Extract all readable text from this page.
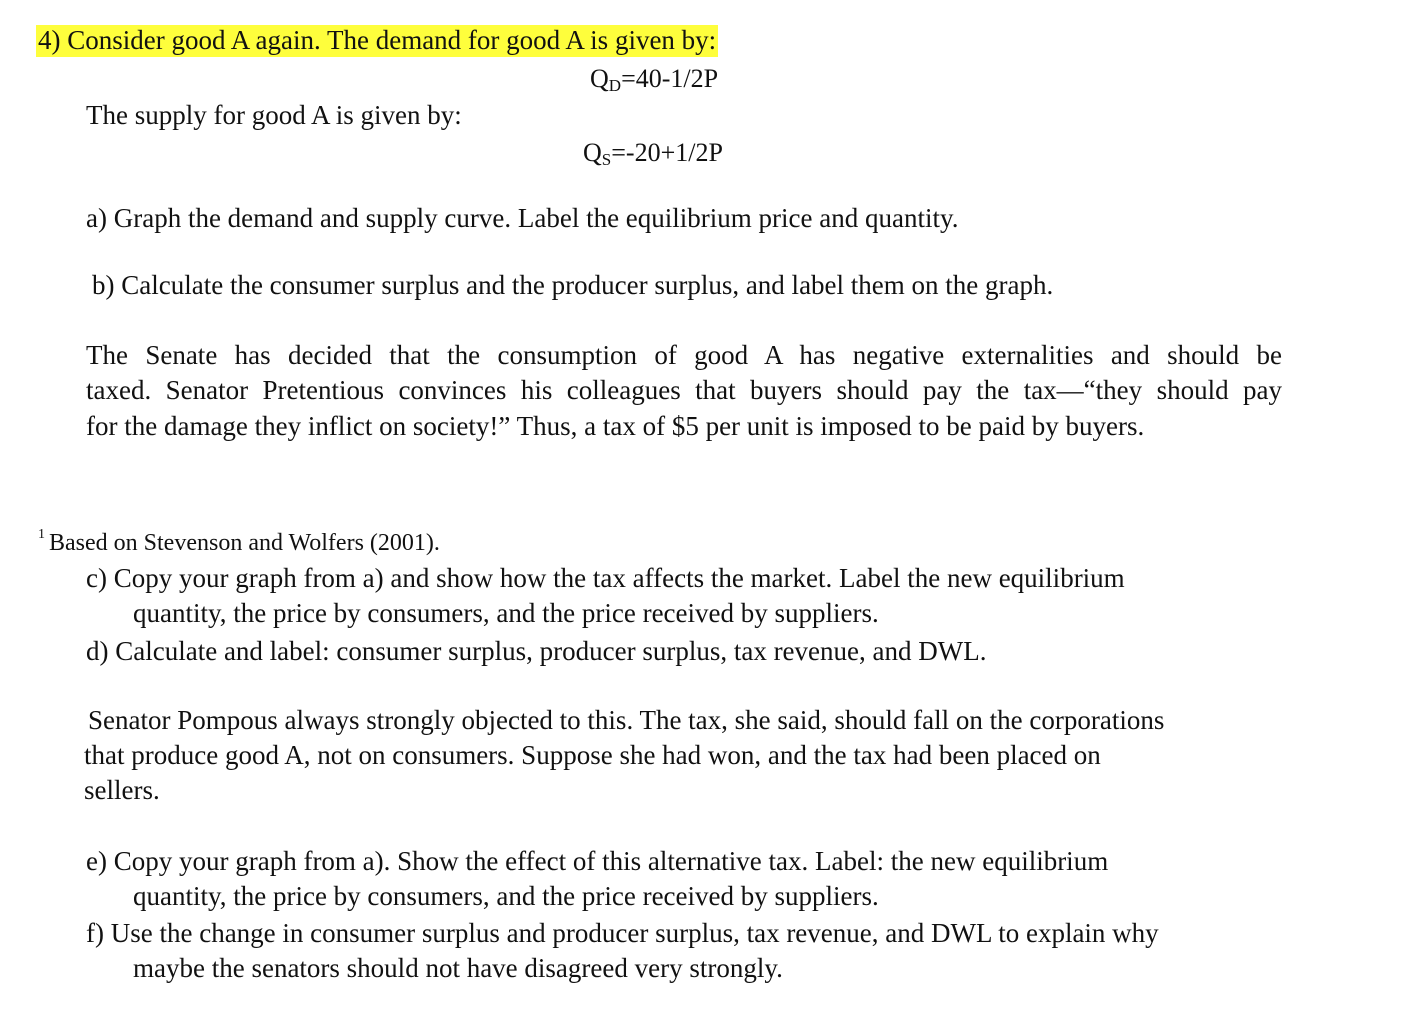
4) Consider good A again. The demand for good A is given by:
$Q_D=40-1/2P$
The supply for good A is given by:
$Q_S=-20+1/2P$
a) Graph the demand and supply curve. Label the equilibrium price and quantity.
b) Calculate the consumer surplus and the producer surplus, and label them on the graph.
The Senate has decided that the consumption of good A has negative externalities and should be
taxed. Senator Pretentious convinces his colleagues that buyers should pay the tax—“they should pay
for the damage they inflict on society!” Thus, a tax of $5 per unit is imposed to be paid by buyers.
$^1$ Based on Stevenson and Wolfers (2001).
c) Copy your graph from a) and show how the tax affects the market. Label the new equilibrium
quantity, the price by consumers, and the price received by suppliers.
d) Calculate and label: consumer surplus, producer surplus, tax revenue, and DWL.
Senator Pompous always strongly objected to this. The tax, she said, should fall on the corporations
that produce good A, not on consumers. Suppose she had won, and the tax had been placed on
sellers.
e) Copy your graph from a). Show the effect of this alternative tax. Label: the new equilibrium
quantity, the price by consumers, and the price received by suppliers.
f) Use the change in consumer surplus and producer surplus, tax revenue, and DWL to explain why
maybe the senators should not have disagreed very strongly.
